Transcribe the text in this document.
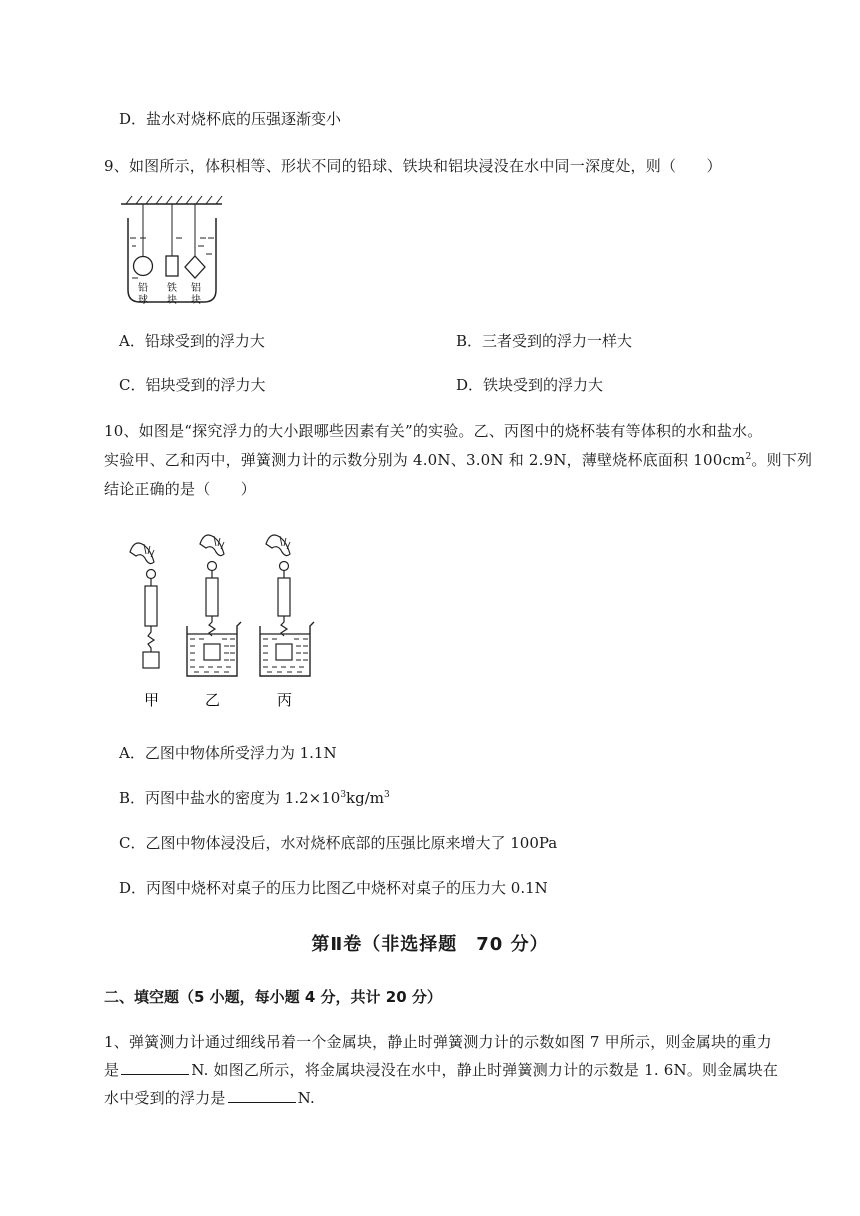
D．盐水对烧杯底的压强逐渐变小
9、如图所示，体积相等、形状不同的铅球、铁块和铝块浸没在水中同一深度处，则（　　）
铅
球
铁
块
铝
块
A．铅球受到的浮力大	B．三者受到的浮力一样大
C．铝块受到的浮力大	D．铁块受到的浮力大
10、如图是“探究浮力的大小跟哪些因素有关”的实验。乙、丙图中的烧杯装有等体积的水和盐水。
实验甲、乙和丙中，弹簧测力计的示数分别为 4.0N、3.0N 和 2.9N，薄壁烧杯底面积 $100cm^2$。则下列
结论正确的是（　　）
甲	乙	丙
A．乙图中物体所受浮力为 1.1N
B．丙图中盐水的密度为 $1.2\times 10^3kg/m^3$
C．乙图中物体浸没后，水对烧杯底部的压强比原来增大了 100Pa
D．丙图中烧杯对桌子的压力比图乙中烧杯对桌子的压力大 0.1N
第Ⅱ卷（非选择题　70 分）
二、填空题（5 小题，每小题 4 分，共计 20 分）
1、弹簧测力计通过细线吊着一个金属块，静止时弹簧测力计的示数如图 7 甲所示，则金属块的重力
是	N. 如图乙所示，将金属块浸没在水中，静止时弹簧测力计的示数是 1. 6N。则金属块在
水中受到的浮力是	N.
